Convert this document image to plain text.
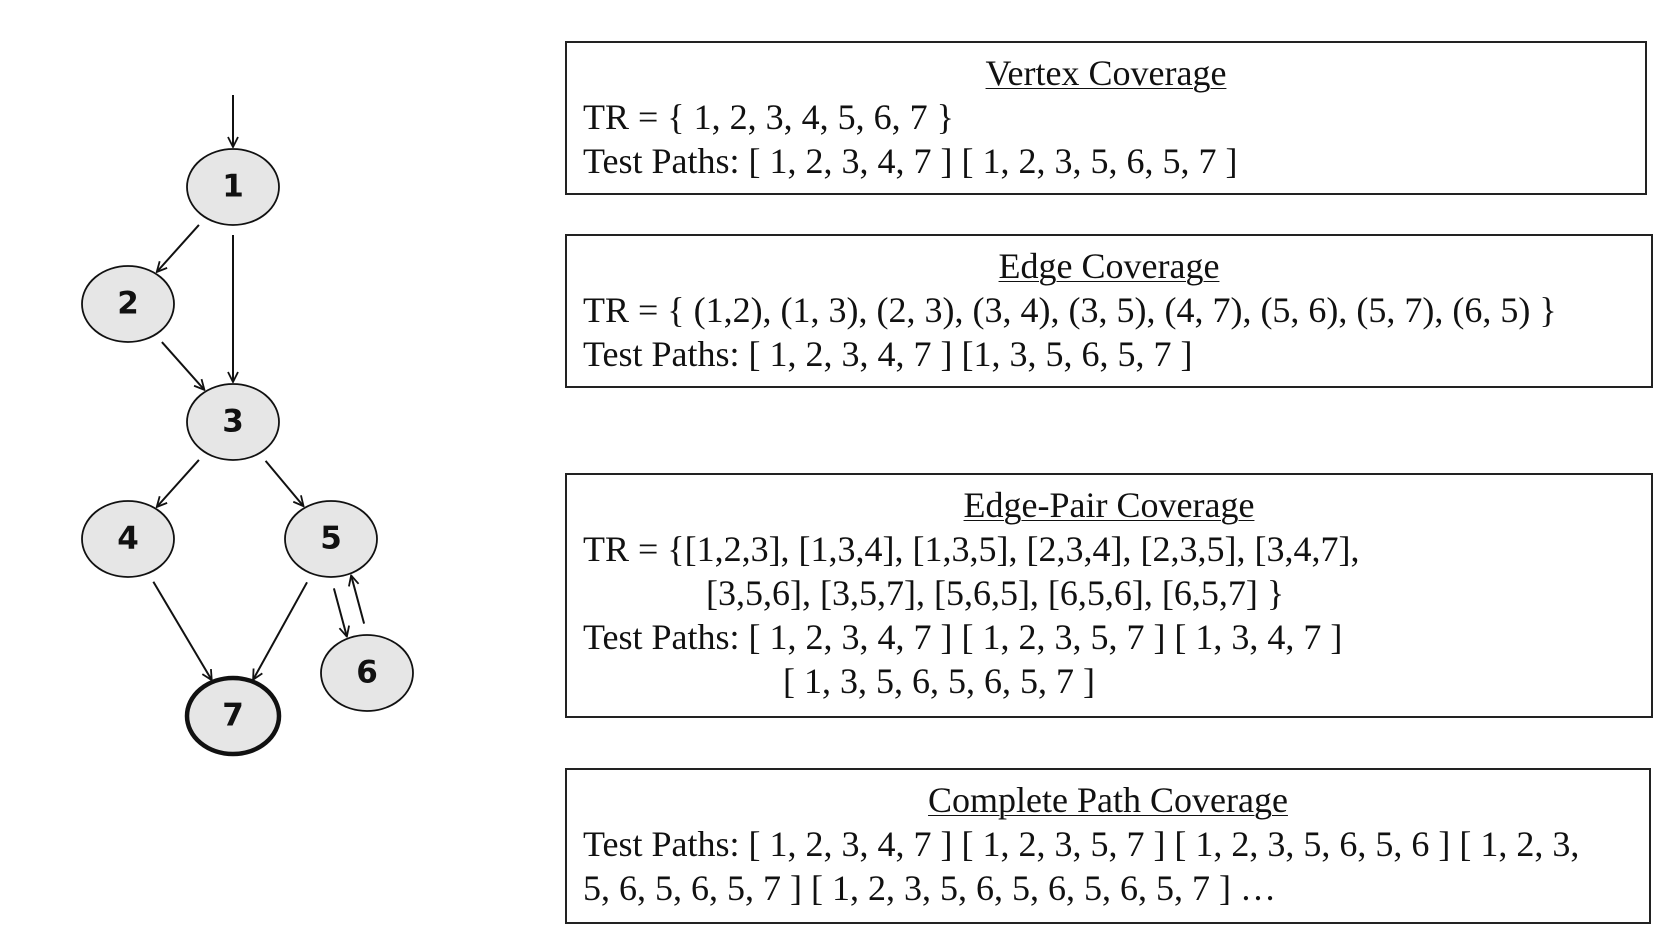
1
2
3
4	5
6
7
Vertex Coverage
TR = { 1, 2, 3, 4, 5, 6, 7 }
Test Paths: [ 1, 2, 3, 4, 7 ] [ 1, 2, 3, 5, 6, 5, 7 ]
Edge Coverage
TR = { (1,2), (1, 3), (2, 3), (3, 4), (3, 5), (4, 7), (5, 6), (5, 7), (6, 5) }
Test Paths: [ 1, 2, 3, 4, 7 ] [1, 3, 5, 6, 5, 7 ]
Edge-Pair Coverage
TR = {[1,2,3], [1,3,4], [1,3,5], [2,3,4], [2,3,5], [3,4,7],
[3,5,6], [3,5,7], [5,6,5], [6,5,6], [6,5,7] }
Test Paths: [ 1, 2, 3, 4, 7 ] [ 1, 2, 3, 5, 7 ] [ 1, 3, 4, 7 ]
[ 1, 3, 5, 6, 5, 6, 5, 7 ]
Complete Path Coverage
Test Paths: [ 1, 2, 3, 4, 7 ] [ 1, 2, 3, 5, 7 ] [ 1, 2, 3, 5, 6, 5, 6 ] [ 1, 2, 3,
5, 6, 5, 6, 5, 7 ] [ 1, 2, 3, 5, 6, 5, 6, 5, 6, 5, 7 ] …
